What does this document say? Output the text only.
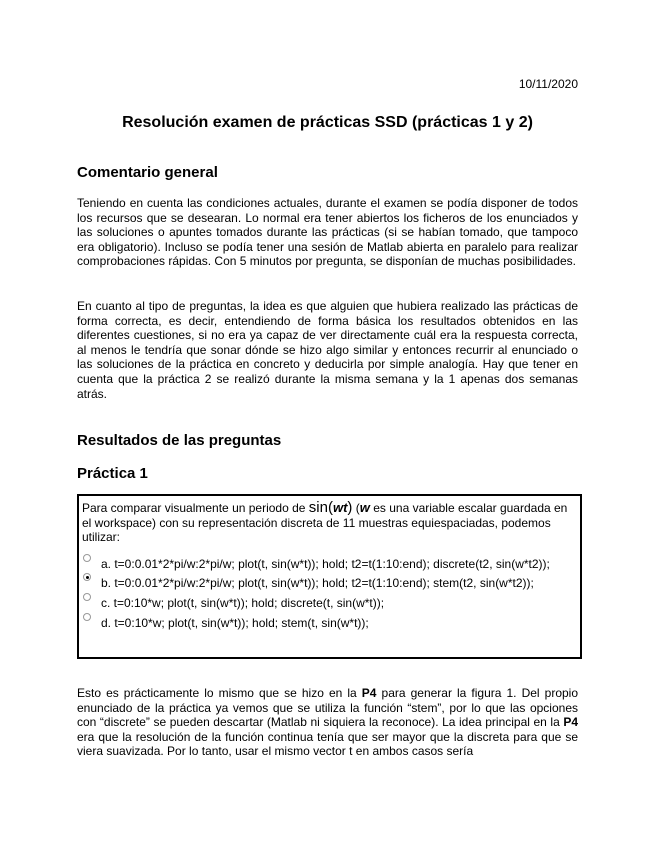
10/11/2020
Resolución examen de prácticas SSD (prácticas 1 y 2)
Comentario general

Teniendo en cuenta las condiciones actuales, durante el examen se podía disponer de todos los recursos que se desearan. Lo normal era tener abiertos los ficheros de los enunciados y las soluciones o apuntes tomados durante las prácticas (si se habían tomado, que tampoco era obligatorio). Incluso se podía tener una sesión de Matlab abierta en paralelo para realizar comprobaciones rápidas. Con 5 minutos por pregunta, se disponían de muchas posibilidades.

En cuanto al tipo de preguntas, la idea es que alguien que hubiera realizado las prácticas de forma correcta, es decir, entendiendo de forma básica los resultados obtenidos en las diferentes cuestiones, si no era ya capaz de ver directamente cuál era la respuesta correcta, al menos le tendría que sonar dónde se hizo algo similar y entonces recurrir al enunciado o las soluciones de la práctica en concreto y deducirla por simple analogía. Hay que tener en cuenta que la práctica 2 se realizó durante la misma semana y la 1 apenas dos semanas atrás.

Resultados de las preguntas
Práctica 1

Para comparar visualmente un periodo de sin(wt) (w es una variable escalar guardada en el workspace) con su representación discreta de 11 muestras equiespaciadas, podemos utilizar:

a. t=0:0.01*2*pi/w:2*pi/w; plot(t, sin(w*t)); hold; t2=t(1:10:end); discrete(t2, sin(w*t2));
b. t=0:0.01*2*pi/w:2*pi/w; plot(t, sin(w*t)); hold; t2=t(1:10:end); stem(t2, sin(w*t2));
c. t=0:10*w; plot(t, sin(w*t)); hold; discrete(t, sin(w*t));
d. t=0:10*w; plot(t, sin(w*t)); hold; stem(t, sin(w*t));

Esto es prácticamente lo mismo que se hizo en la P4 para generar la figura 1. Del propio enunciado de la práctica ya vemos que se utiliza la función “stem”, por lo que las opciones con “discrete” se pueden descartar (Matlab ni siquiera la reconoce). La idea principal en la P4 era que la resolución de la función continua tenía que ser mayor que la discreta para que se viera suavizada. Por lo tanto, usar el mismo vector t en ambos casos sería
